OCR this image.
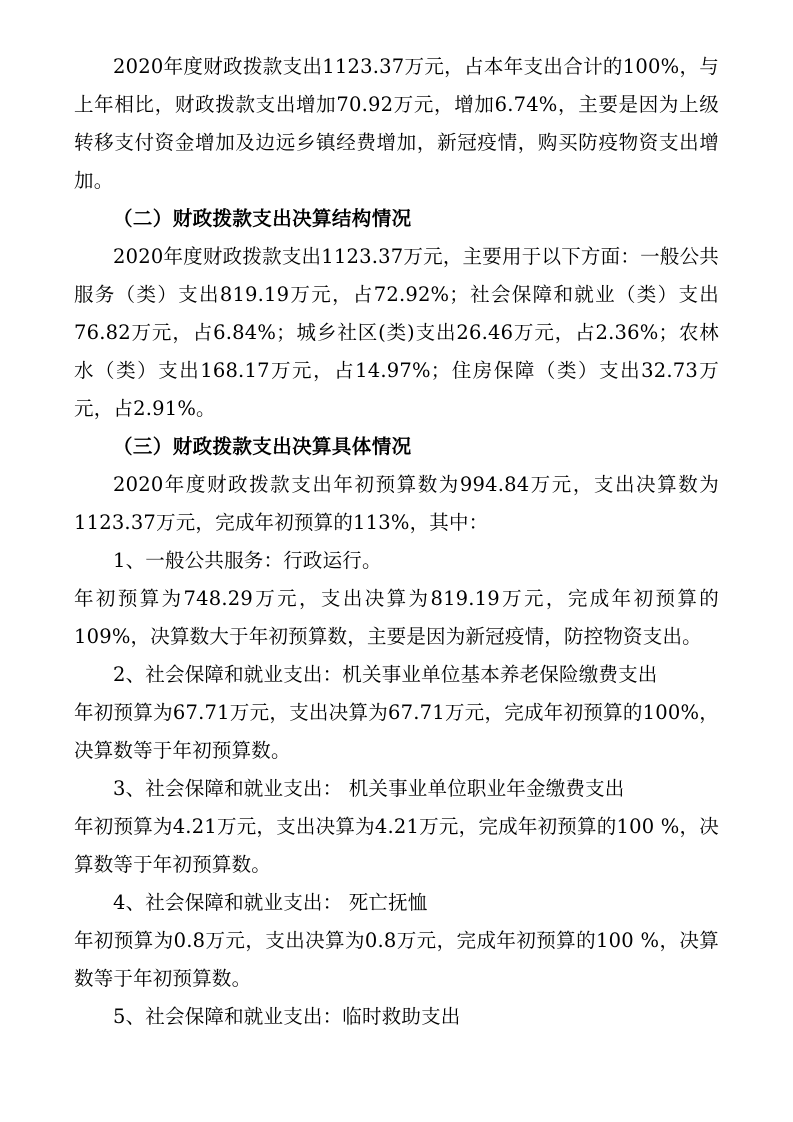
2020年度财政拨款支出1123.37万元，占本年支出合计的100%，与上年相比，财政拨款支出增加70.92万元，增加6.74%，主要是因为上级转移支付资金增加及边远乡镇经费增加，新冠疫情，购买防疫物资支出增加。

（二）财政拨款支出决算结构情况

2020年度财政拨款支出1123.37万元，主要用于以下方面：一般公共服务（类）支出819.19万元，占72.92%；社会保障和就业（类）支出76.82万元，占6.84%；城乡社区(类)支出26.46万元，占2.36%；农林水（类）支出168.17万元，占14.97%；住房保障（类）支出32.73万元，占2.91%。

（三）财政拨款支出决算具体情况

2020年度财政拨款支出年初预算数为994.84万元，支出决算数为1123.37万元，完成年初预算的113%，其中：

1、一般公共服务：行政运行。

年初预算为748.29万元，支出决算为819.19万元，完成年初预算的109%，决算数大于年初预算数，主要是因为新冠疫情，防控物资支出。

2、社会保障和就业支出：机关事业单位基本养老保险缴费支出

年初预算为67.71万元，支出决算为67.71万元，完成年初预算的100%，决算数等于年初预算数。

3、社会保障和就业支出： 机关事业单位职业年金缴费支出

年初预算为4.21万元，支出决算为4.21万元，完成年初预算的100 %，决算数等于年初预算数。

4、社会保障和就业支出： 死亡抚恤

年初预算为0.8万元，支出决算为0.8万元，完成年初预算的100 %，决算数等于年初预算数。

5、社会保障和就业支出：临时救助支出
